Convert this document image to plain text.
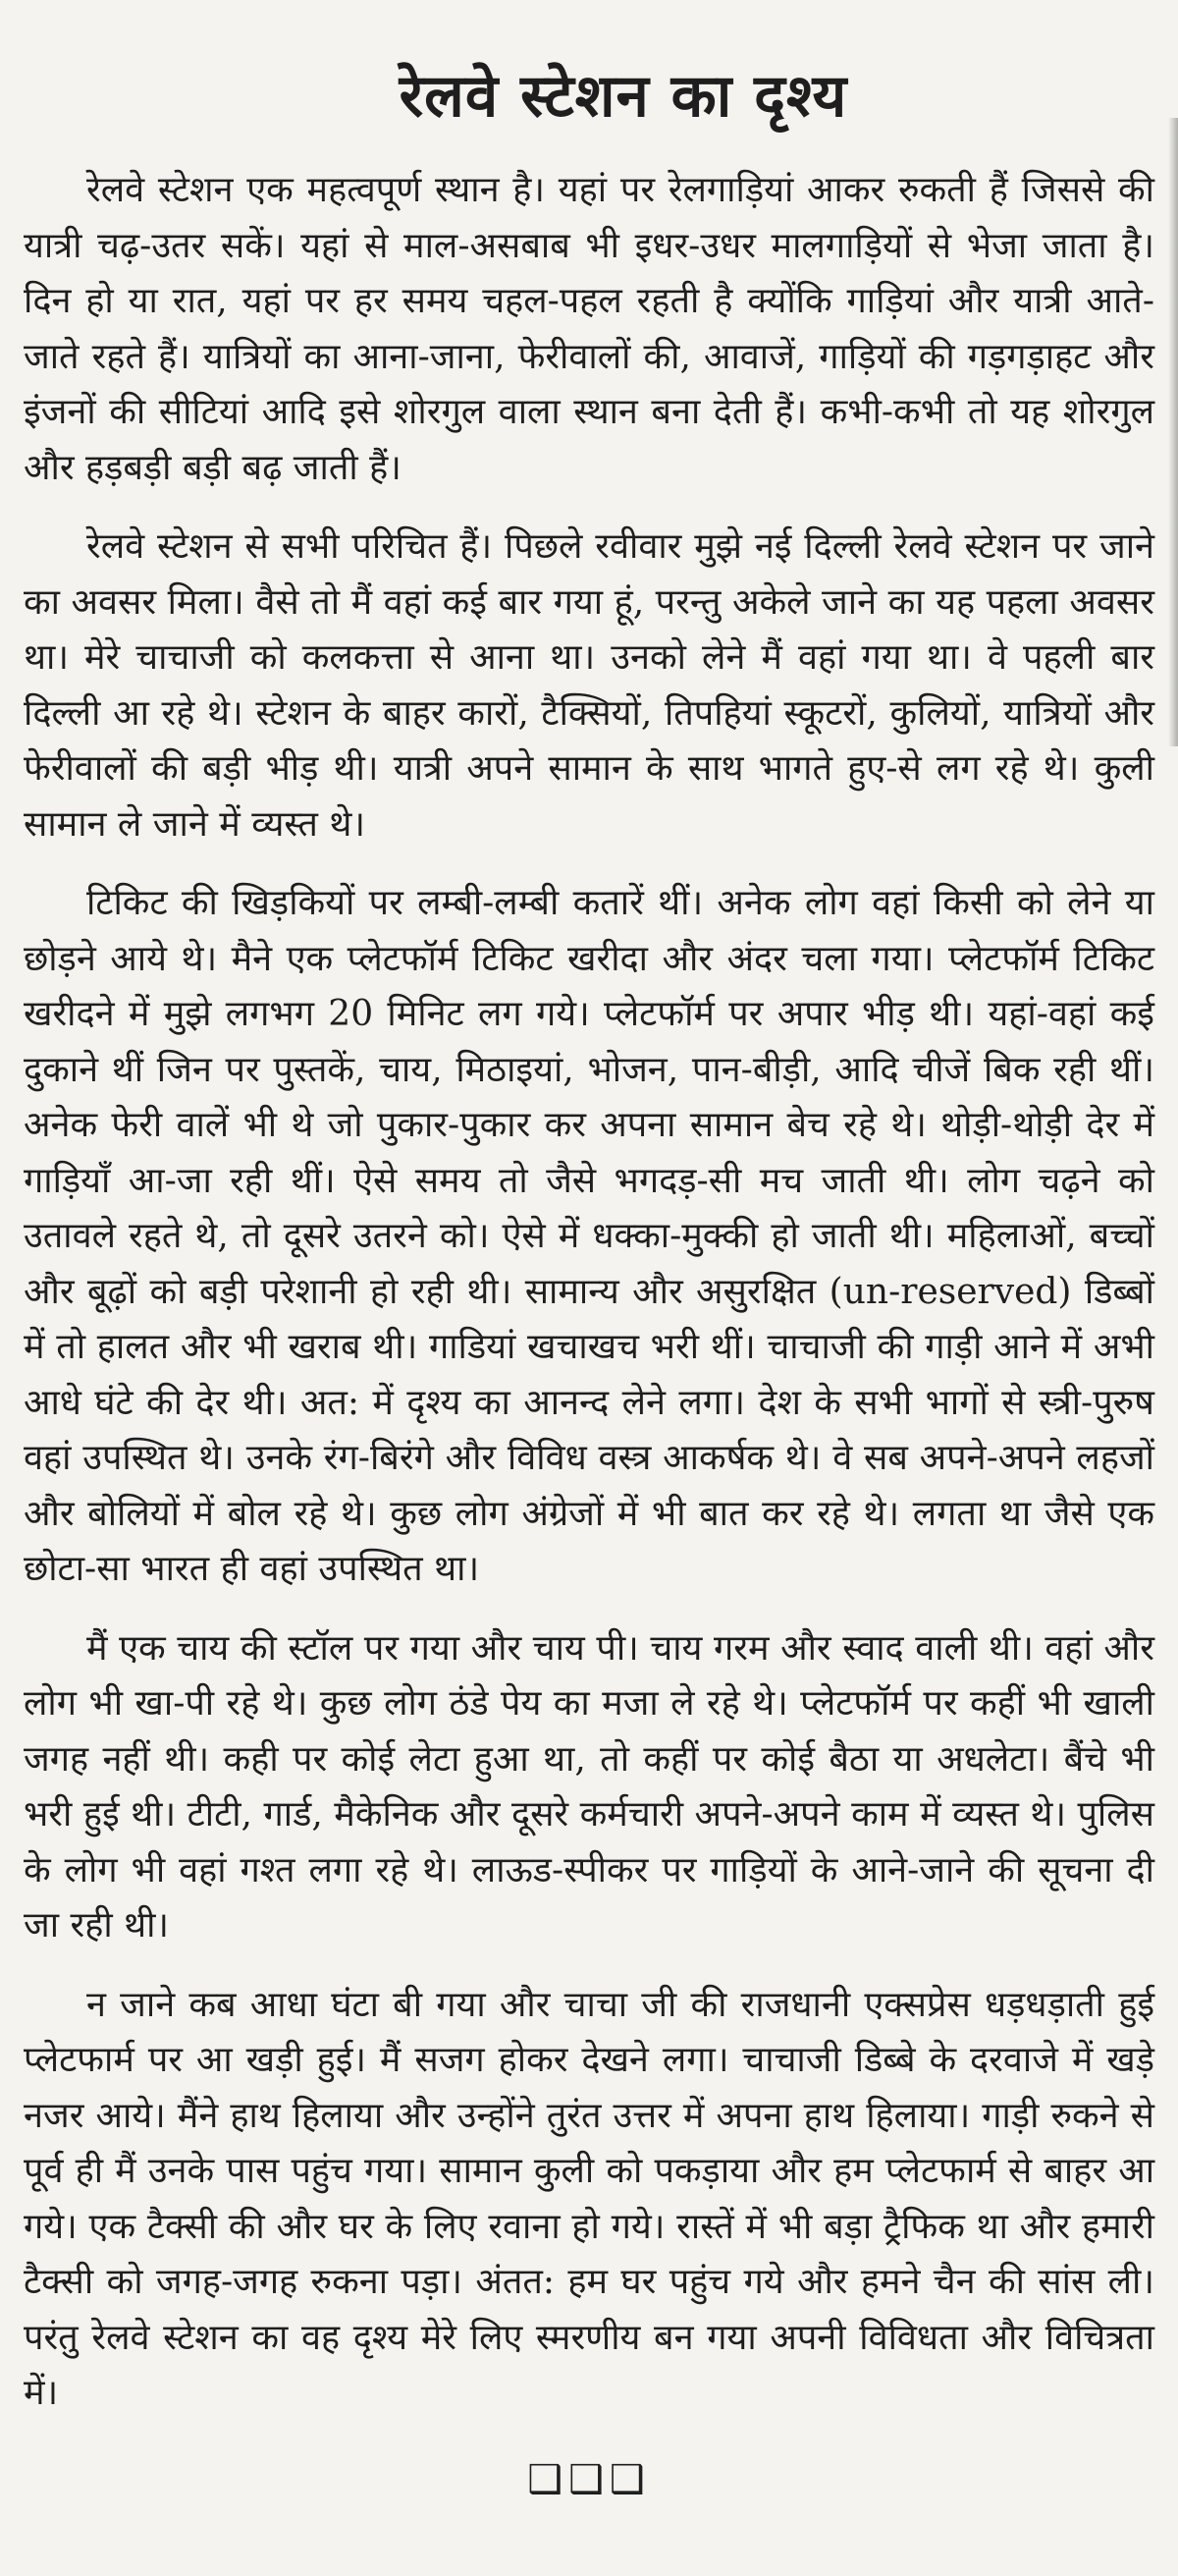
रेलवे स्टेशन का दृश्य

रेलवे स्टेशन एक महत्वपूर्ण स्थान है। यहां पर रेलगाड़ियां आकर रुकती हैं जिससे की यात्री चढ़-उतर सकें। यहां से माल-असबाब भी इधर-उधर मालगाड़ियों से भेजा जाता है। दिन हो या रात, यहां पर हर समय चहल-पहल रहती है क्योंकि गाड़ियां और यात्री आते-जाते रहते हैं। यात्रियों का आना-जाना, फेरीवालों की, आवाजें, गाड़ियों की गड़गड़ाहट और इंजनों की सीटियां आदि इसे शोरगुल वाला स्थान बना देती हैं। कभी-कभी तो यह शोरगुल और हड़बड़ी बड़ी बढ़ जाती हैं।

रेलवे स्टेशन से सभी परिचित हैं। पिछले रवीवार मुझे नई दिल्ली रेलवे स्टेशन पर जाने का अवसर मिला। वैसे तो मैं वहां कई बार गया हूं, परन्तु अकेले जाने का यह पहला अवसर था। मेरे चाचाजी को कलकत्ता से आना था। उनको लेने मैं वहां गया था। वे पहली बार दिल्ली आ रहे थे। स्टेशन के बाहर कारों, टैक्सियों, तिपहियां स्कूटरों, कुलियों, यात्रियों और फेरीवालों की बड़ी भीड़ थी। यात्री अपने सामान के साथ भागते हुए-से लग रहे थे। कुली सामान ले जाने में व्यस्त थे।

टिकिट की खिड़कियों पर लम्बी-लम्बी कतारें थीं। अनेक लोग वहां किसी को लेने या छोड़ने आये थे। मैने एक प्लेटफॉर्म टिकिट खरीदा और अंदर चला गया। प्लेटफॉर्म टिकिट खरीदने में मुझे लगभग 20 मिनिट लग गये। प्लेटफॉर्म पर अपार भीड़ थी। यहां-वहां कई दुकाने थीं जिन पर पुस्तकें, चाय, मिठाइयां, भोजन, पान-बीड़ी, आदि चीजें बिक रही थीं। अनेक फेरी वालें भी थे जो पुकार-पुकार कर अपना सामान बेच रहे थे। थोड़ी-थोड़ी देर में गाड़ियाँ आ-जा रही थीं। ऐसे समय तो जैसे भगदड़-सी मच जाती थी। लोग चढ़ने को उतावले रहते थे, तो दूसरे उतरने को। ऐसे में धक्का-मुक्की हो जाती थी। महिलाओं, बच्चों और बूढ़ों को बड़ी परेशानी हो रही थी। सामान्य और असुरक्षित (un-reserved) डिब्बों में तो हालत और भी खराब थी। गाडियां खचाखच भरी थीं। चाचाजी की गाड़ी आने में अभी आधे घंटे की देर थी। अत: में दृश्य का आनन्द लेने लगा। देश के सभी भागों से स्त्री-पुरुष वहां उपस्थित थे। उनके रंग-बिरंगे और विविध वस्त्र आकर्षक थे। वे सब अपने-अपने लहजों और बोलियों में बोल रहे थे। कुछ लोग अंग्रेजों में भी बात कर रहे थे। लगता था जैसे एक छोटा-सा भारत ही वहां उपस्थित था।

मैं एक चाय की स्टॉल पर गया और चाय पी। चाय गरम और स्वाद वाली थी। वहां और लोग भी खा-पी रहे थे। कुछ लोग ठंडे पेय का मजा ले रहे थे। प्लेटफॉर्म पर कहीं भी खाली जगह नहीं थी। कही पर कोई लेटा हुआ था, तो कहीं पर कोई बैठा या अधलेटा। बैंचे भी भरी हुई थी। टीटी, गार्ड, मैकेनिक और दूसरे कर्मचारी अपने-अपने काम में व्यस्त थे। पुलिस के लोग भी वहां गश्त लगा रहे थे। लाऊड-स्पीकर पर गाड़ियों के आने-जाने की सूचना दी जा रही थी।

न जाने कब आधा घंटा बी गया और चाचा जी की राजधानी एक्सप्रेस धड़धड़ाती हुई प्लेटफार्म पर आ खड़ी हुई। मैं सजग होकर देखने लगा। चाचाजी डिब्बे के दरवाजे में खड़े नजर आये। मैंने हाथ हिलाया और उन्होंने तुरंत उत्तर में अपना हाथ हिलाया। गाड़ी रुकने से पूर्व ही मैं उनके पास पहुंच गया। सामान कुली को पकड़ाया और हम प्लेटफार्म से बाहर आ गये। एक टैक्सी की और घर के लिए रवाना हो गये। रास्तें में भी बड़ा ट्रैफिक था और हमारी टैक्सी को जगह-जगह रुकना पड़ा। अंतत: हम घर पहुंच गये और हमने चैन की सांस ली। परंतु रेलवे स्टेशन का वह दृश्य मेरे लिए स्मरणीय बन गया अपनी विविधता और विचित्रता में।

❑❑❑
